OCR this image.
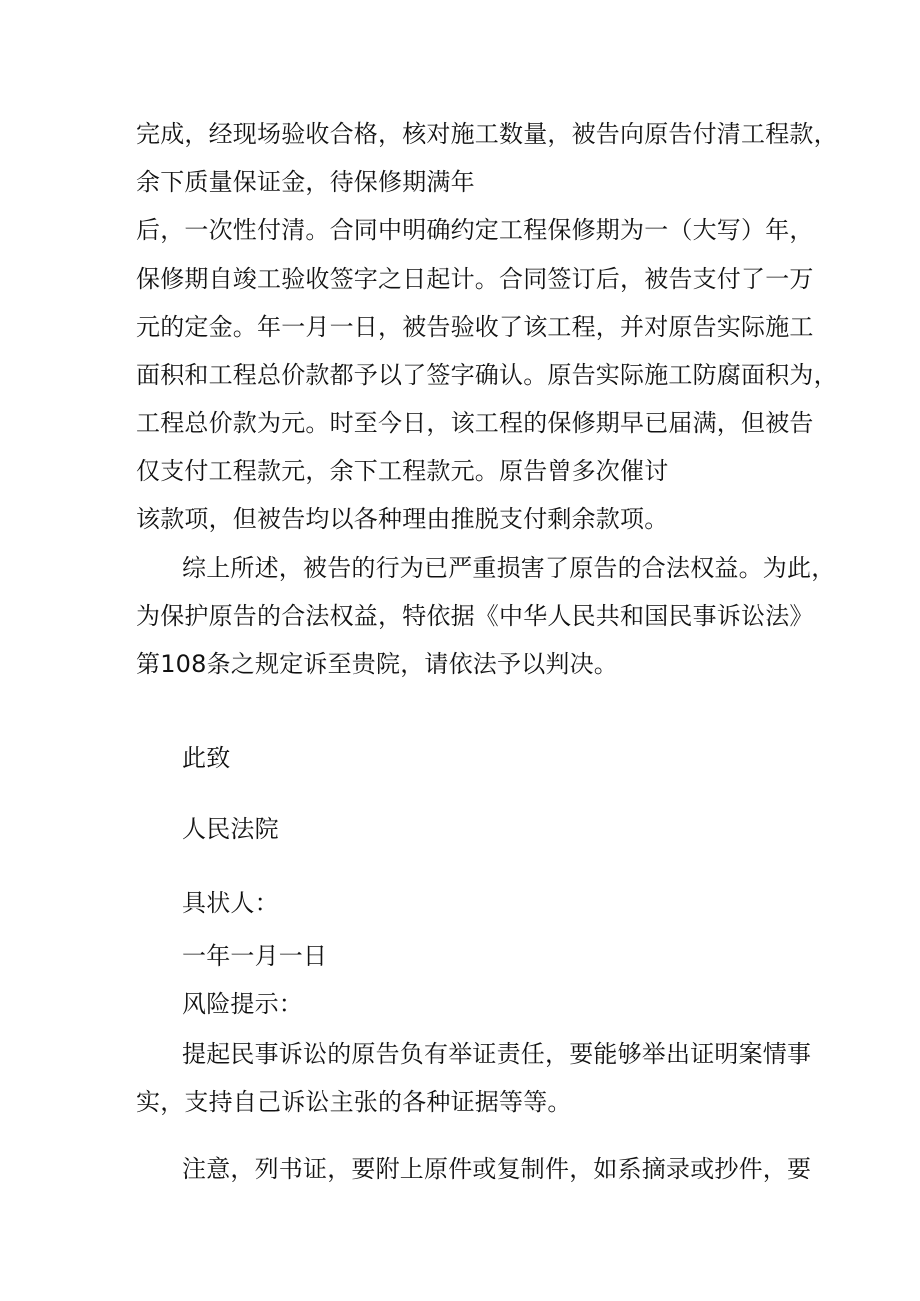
完成，经现场验收合格，核对施工数量，被告向原告付清工程款，
余下质量保证金，待保修期满年
后，一次性付清。合同中明确约定工程保修期为一（大写）年，
保修期自竣工验收签字之日起计。合同签订后，被告支付了一万
元的定金。年一月一日，被告验收了该工程，并对原告实际施工
面积和工程总价款都予以了签字确认。原告实际施工防腐面积为，
工程总价款为元。时至今日，该工程的保修期早已届满，但被告
仅支付工程款元，余下工程款元。原告曾多次催讨
该款项，但被告均以各种理由推脱支付剩余款项。
综上所述，被告的行为已严重损害了原告的合法权益。为此，
为保护原告的合法权益，特依据《中华人民共和国民事诉讼法》
第108条之规定诉至贵院，请依法予以判决。
此致
人民法院
具状人：
一年一月一日
风险提示：
提起民事诉讼的原告负有举证责任，要能够举出证明案情事
实，支持自己诉讼主张的各种证据等等。
注意，列书证，要附上原件或复制件，如系摘录或抄件，要
